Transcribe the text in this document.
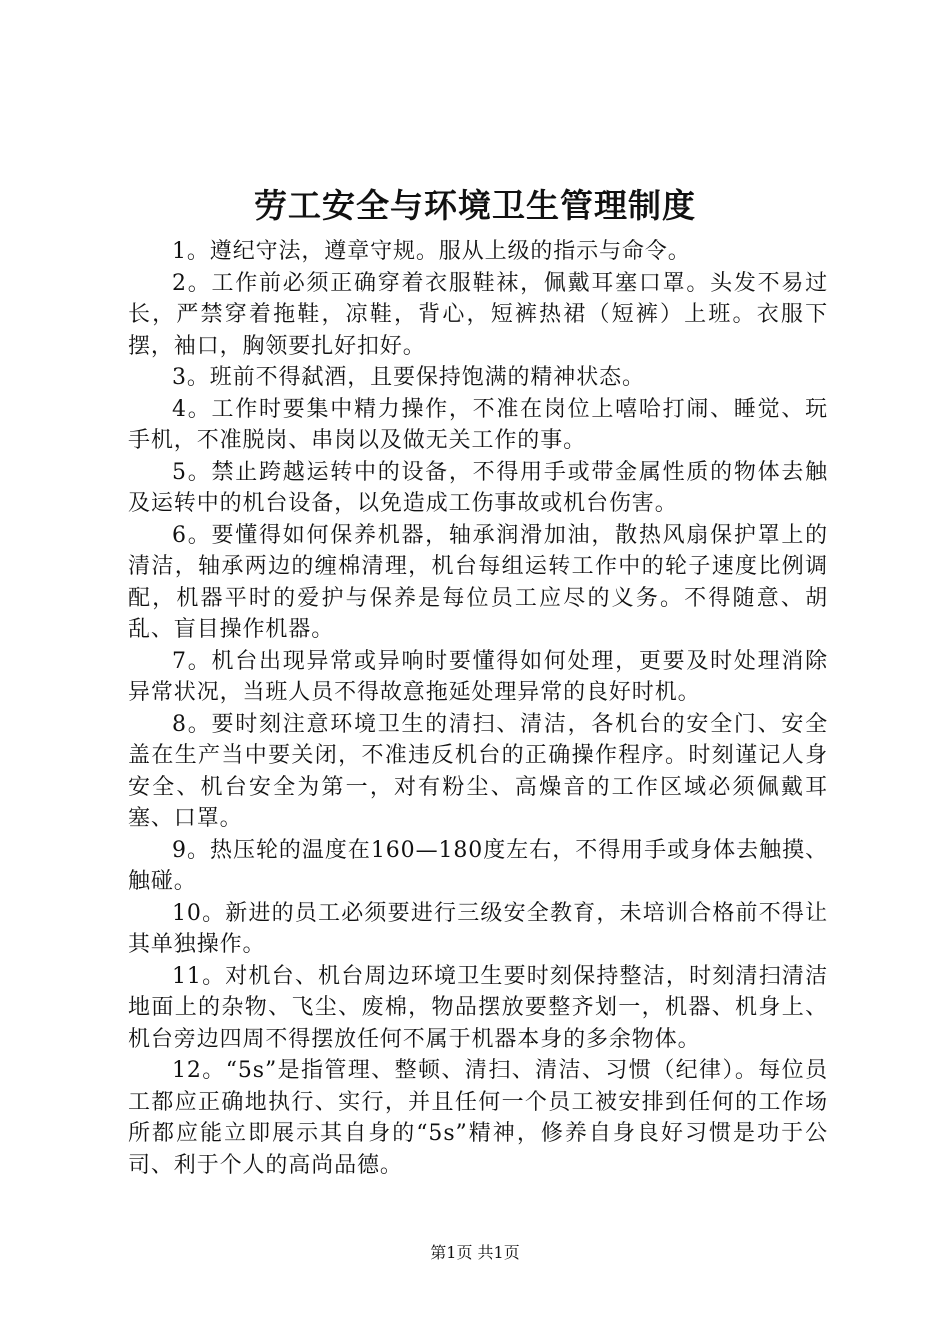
劳工安全与环境卫生管理制度

1。遵纪守法，遵章守规。服从上级的指示与命令。

2。工作前必须正确穿着衣服鞋袜，佩戴耳塞口罩。头发不易过长，严禁穿着拖鞋，凉鞋，背心，短裤热裙（短裤）上班。衣服下摆，袖口，胸领要扎好扣好。

3。班前不得弑酒，且要保持饱满的精神状态。

4。工作时要集中精力操作，不准在岗位上嘻哈打闹、睡觉、玩手机，不准脱岗、串岗以及做无关工作的事。

5。禁止跨越运转中的设备，不得用手或带金属性质的物体去触及运转中的机台设备，以免造成工伤事故或机台伤害。

6。要懂得如何保养机器，轴承润滑加油，散热风扇保护罩上的清洁，轴承两边的缠棉清理，机台每组运转工作中的轮子速度比例调配，机器平时的爱护与保养是每位员工应尽的义务。不得随意、胡乱、盲目操作机器。

7。机台出现异常或异响时要懂得如何处理，更要及时处理消除异常状况，当班人员不得故意拖延处理异常的良好时机。

8。要时刻注意环境卫生的清扫、清洁，各机台的安全门、安全盖在生产当中要关闭，不准违反机台的正确操作程序。时刻谨记人身安全、机台安全为第一，对有粉尘、高燥音的工作区域必须佩戴耳塞、口罩。

9。热压轮的温度在160—180度左右，不得用手或身体去触摸、触碰。

10。新进的员工必须要进行三级安全教育，未培训合格前不得让其单独操作。

11。对机台、机台周边环境卫生要时刻保持整洁，时刻清扫清洁地面上的杂物、飞尘、废棉，物品摆放要整齐划一，机器、机身上、机台旁边四周不得摆放任何不属于机器本身的多余物体。

12。“5s”是指管理、整顿、清扫、清洁、习惯（纪律）。每位员工都应正确地执行、实行，并且任何一个员工被安排到任何的工作场所都应能立即展示其自身的“5s”精神，修养自身良好习惯是功于公司、利于个人的高尚品德。

第1页 共1页
